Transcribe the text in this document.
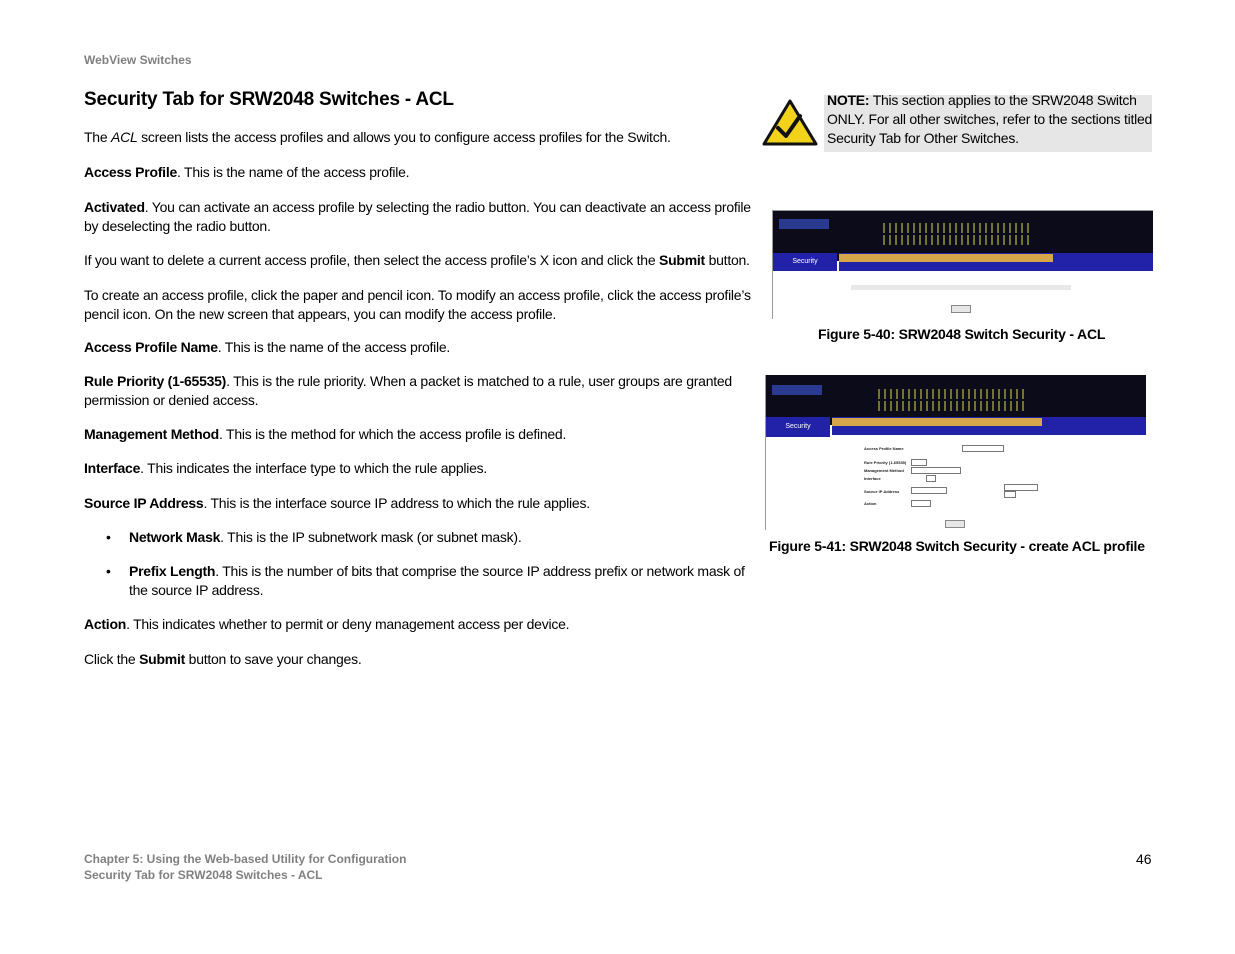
WebView Switches
Security Tab for SRW2048 Switches - ACL

The ACL screen lists the access profiles and allows you to configure access profiles for the Switch.

Access Profile. This is the name of the access profile.

Activated. You can activate an access profile by selecting the radio button. You can deactivate an access profile by deselecting the radio button.

If you want to delete a current access profile, then select the access profile’s X icon and click the Submit button.

To create an access profile, click the paper and pencil icon. To modify an access profile, click the access profile’s pencil icon. On the new screen that appears, you can modify the access profile.

Access Profile Name. This is the name of the access profile.

Rule Priority (1-65535). This is the rule priority. When a packet is matched to a rule, user groups are granted permission or denied access.

Management Method. This is the method for which the access profile is defined.

Interface. This indicates the interface type to which the rule applies.

Source IP Address. This is the interface source IP address to which the rule applies.

• Network Mask. This is the IP subnetwork mask (or subnet mask).

• Prefix Length. This is the number of bits that comprise the source IP address prefix or network mask of the source IP address.

Action. This indicates whether to permit or deny management access per device.

Click the Submit button to save your changes.

NOTE: This section applies to the SRW2048 Switch ONLY. For all other switches, refer to the sections titled Security Tab for Other Switches.
Security
Figure 5-40: SRW2048 Switch Security - ACL
Security
Access Profile Name
Rule Priority (1-65535)
Management Method
Interface
Source IP Address
Action
Figure 5-41: SRW2048 Switch Security - create ACL profile
Chapter 5: Using the Web-based Utility for Configuration
Security Tab for SRW2048 Switches - ACL
46
